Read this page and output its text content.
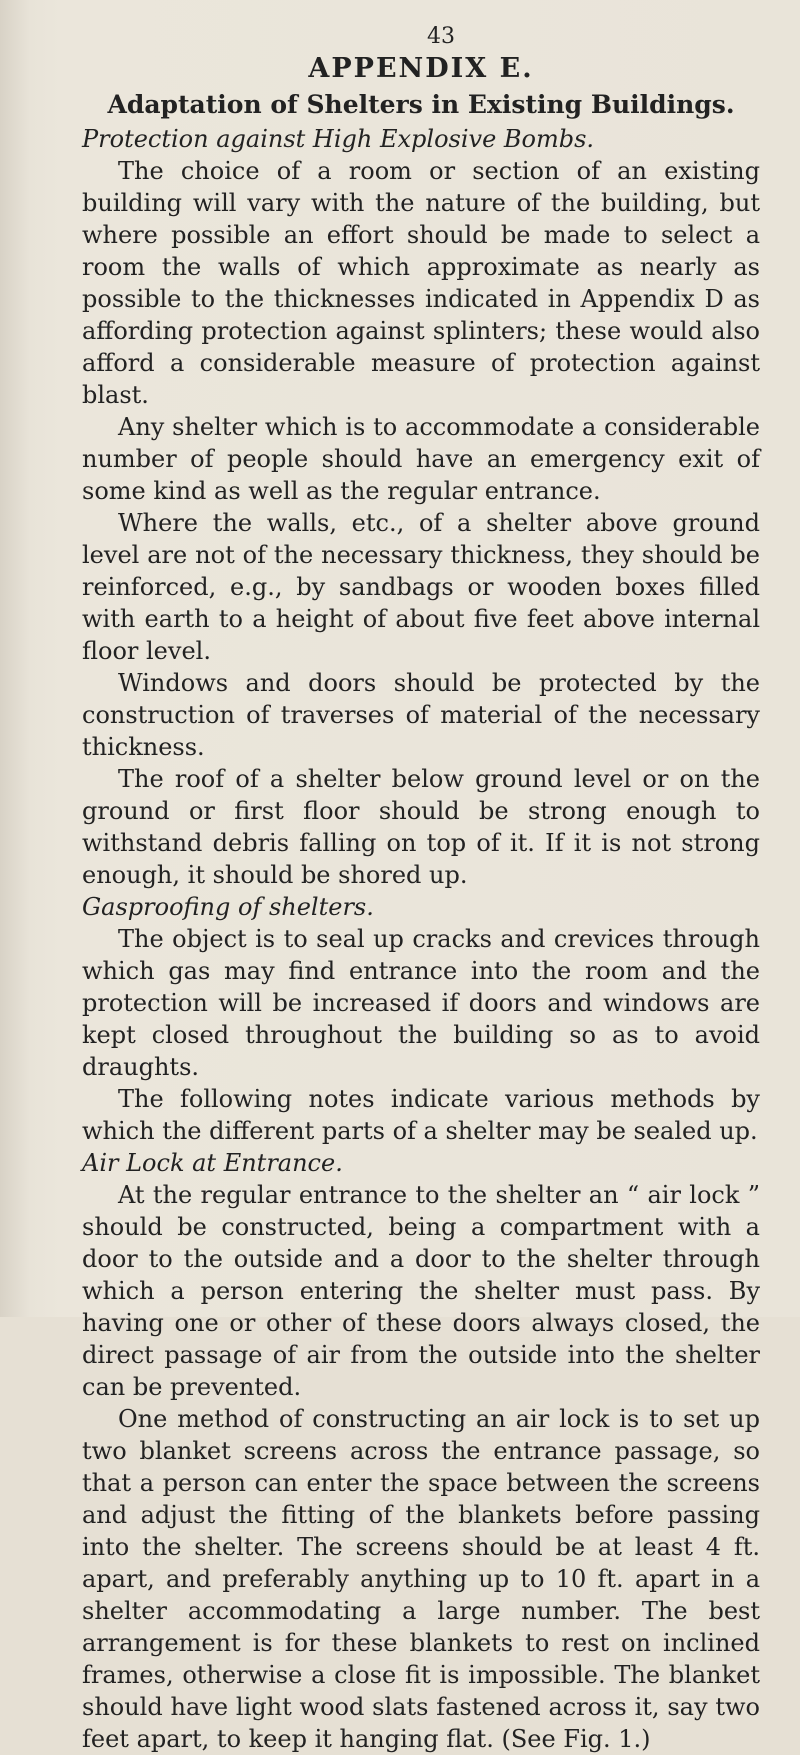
43
APPENDIX E.
Adaptation of Shelters in Existing Buildings.
Protection against High Explosive Bombs.

The choice of a room or section of an existing building will vary with the nature of the building, but where possible an effort should be made to select a room the walls of which approximate as nearly as possible to the thicknesses indicated in Appendix D as affording protection against splinters; these would also afford a considerable measure of protection against blast.

Any shelter which is to accommodate a considerable number of people should have an emergency exit of some kind as well as the regular entrance.

Where the walls, etc., of a shelter above ground level are not of the necessary thickness, they should be reinforced, e.g., by sandbags or wooden boxes filled with earth to a height of about five feet above internal floor level.

Windows and doors should be protected by the construction of traverses of material of the necessary thickness.

The roof of a shelter below ground level or on the ground or first floor should be strong enough to withstand debris falling on top of it. If it is not strong enough, it should be shored up.

Gasproofing of shelters.

The object is to seal up cracks and crevices through which gas may find entrance into the room and the protection will be increased if doors and windows are kept closed throughout the building so as to avoid draughts.

The following notes indicate various methods by which the different parts of a shelter may be sealed up.

Air Lock at Entrance.

At the regular entrance to the shelter an “ air lock ” should be constructed, being a compartment with a door to the outside and a door to the shelter through which a person entering the shelter must pass. By having one or other of these doors always closed, the direct passage of air from the outside into the shelter can be prevented.

One method of constructing an air lock is to set up two blanket screens across the entrance passage, so that a person can enter the space between the screens and adjust the fitting of the blankets before passing into the shelter. The screens should be at least 4 ft. apart, and preferably anything up to 10 ft. apart in a shelter accommodating a large number. The best arrangement is for these blankets to rest on inclined frames, otherwise a close fit is impossible. The blanket should have light wood slats fastened across it, say two feet apart, to keep it hanging flat. (See Fig. 1.)
